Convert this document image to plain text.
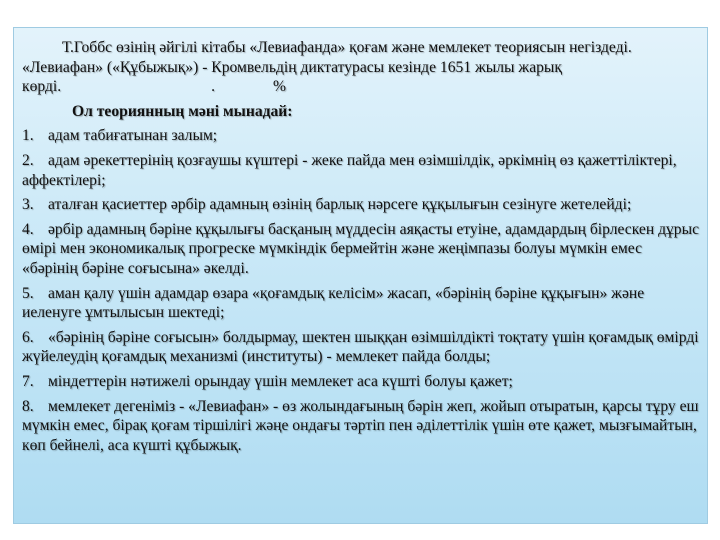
Т.Гоббс өзінің әйгілі кітабы «Левиафанда» қоғам және мемлекет теориясын негіздеді. «Левиафан» («Құбыжық») - Кромвельдің диктатурасы кезінде 1651 жылы жарық көрді.	.	%

Ол теориянның мәні мынадай:

1. адам табиғатынан залым;

2. адам әрекеттерінің қозғаушы күштері - жеке пайда мен өзімшілдік, әркімнің өз қажеттіліктері, аффектілері;

3. аталған қасиеттер әрбір адамның өзінің барлық нәрсеге құқылығын сезінуге жетелейді;

4. әрбір адамның бәріне құқылығы басқаның мүддесін аяқасты етуіне, адамдардың бірлескен дұрыс өмірі мен экономикалық прогреске мүмкіндік бермейтін және жеңімпазы болуы мүмкін емес «бәрінің бәріне соғысына» әкелді.

5. аман қалу үшін адамдар өзара «қоғамдық келісім» жасап, «бәрінің бәріне құқығын» және иеленуге ұмтылысын шектеді;

6. «бәрінің бәріне соғысын» болдырмау, шектен шыққан өзімшілдікті тоқтату үшін қоғамдық өмірді жүйелеудің қоғамдық механизмі (институты) - мемлекет пайда болды;

7. міндеттерін нәтижелі орындау үшін мемлекет аса күшті болуы қажет;

8. мемлекет дегеніміз - «Левиафан» - өз жолындағының бәрін жеп, жойып отыратын, қарсы тұру еш мүмкін емес, бірақ қоғам тіршілігі жәңе ондағы тәртіп пен әділеттілік үшін өте қажет, мызғымайтын, көп бейнелі, аса күшті құбыжық.
